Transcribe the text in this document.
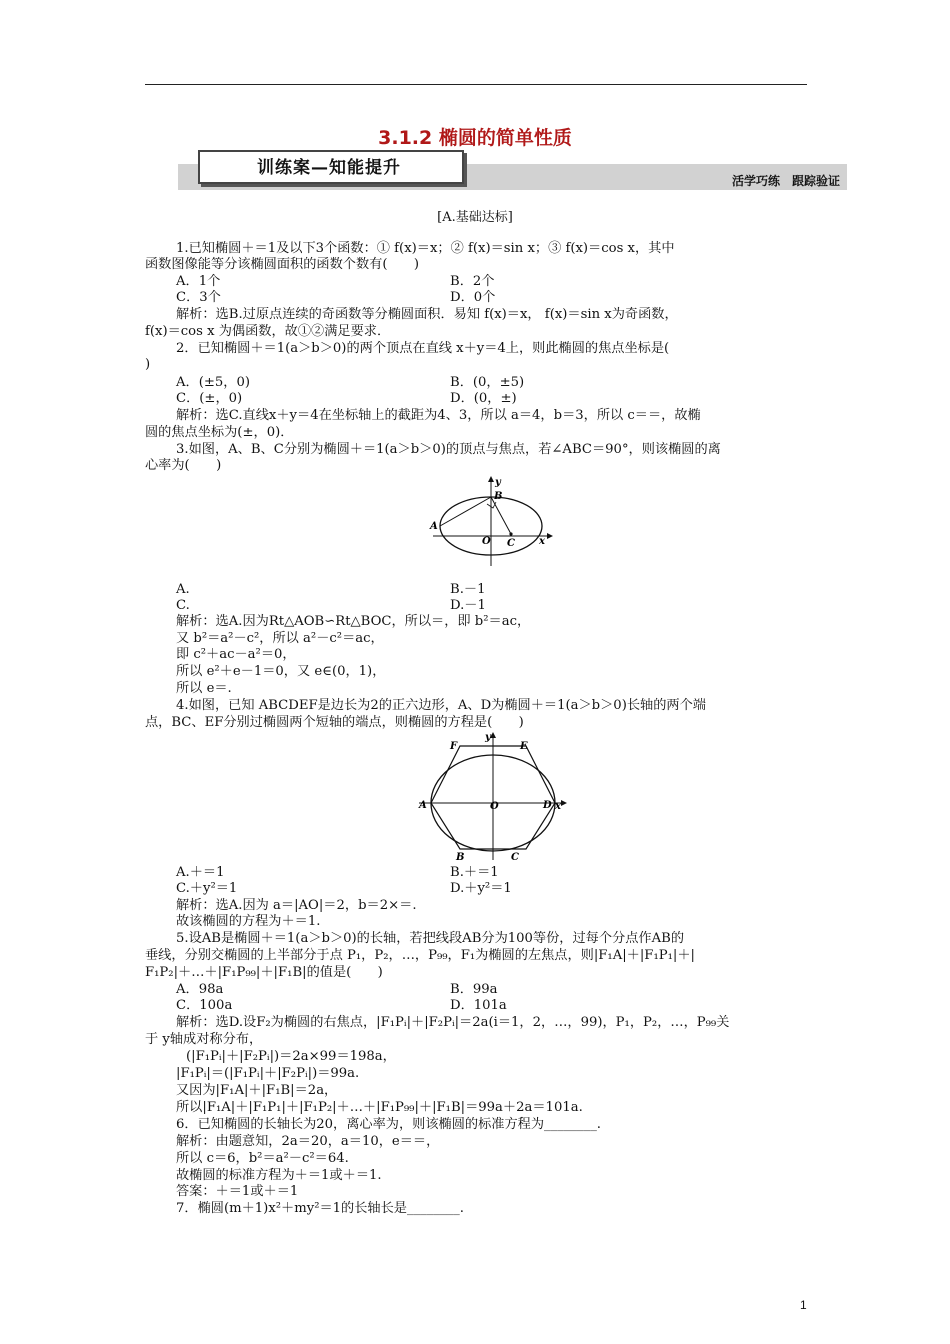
3.1.2 椭圆的简单性质
训练案—知能提升
活学巧练　跟踪验证
[A.基础达标]
1.已知椭圆＋＝1及以下3个函数：① f(x)＝x；② f(x)＝sin x；③ f(x)＝cos x，其中
函数图像能等分该椭圆面积的函数个数有(　　)
A．1个	B．2个
C．3个	D．0个
解析：选B.过原点连续的奇函数等分椭圆面积．易知 f(x)＝x， f(x)＝sin x为奇函数，
f(x)＝cos x 为偶函数，故①②满足要求．
2．已知椭圆＋＝1(a＞b＞0)的两个顶点在直线 x＋y＝4上，则此椭圆的焦点坐标是(
)
A．(±5，0)	B．(0，±5)
C．(±，0)	D．(0，±)
解析：选C.直线x＋y＝4在坐标轴上的截距为4、3，所以 a＝4，b＝3，所以 c＝＝，故椭
圆的焦点坐标为(±，0)．
3.如图，A、B、C分别为椭圆＋＝1(a＞b＞0)的顶点与焦点，若∠ABC＝90°，则该椭圆的离
心率为(　　)
y
B
A
O C x
A.	B.－1
C.	D.－1
解析：选A.因为Rt△AOB∽Rt△BOC，所以＝，即 b²＝ac，
又 b²＝a²－c²，所以 a²－c²＝ac，
即 c²＋ac－a²＝0，
所以 e²＋e－1＝0，又 e∈(0，1)，
所以 e＝.
4.如图，已知 ABCDEF是边长为2的正六边形，A、D为椭圆＋＝1(a＞b＞0)长轴的两个端
点，BC、EF分别过椭圆两个短轴的端点，则椭圆的方程是(　　)
y
F	E
A	O	D x
B	C
A.＋＝1	B.＋＝1
C.＋y²＝1	D.＋y²＝1
解析：选A.因为 a＝|AO|＝2，b＝2×＝.
故该椭圆的方程为＋＝1.
5.设AB是椭圆＋＝1(a＞b＞0)的长轴，若把线段AB分为100等份，过每个分点作AB的
垂线，分别交椭圆的上半部分于点 P₁，P₂，…，P₉₉，F₁为椭圆的左焦点，则|F₁A|＋|F₁P₁|＋|
F₁P₂|＋…＋|F₁P₉₉|＋|F₁B|的值是(　　)
A．98a	B．99a
C．100a	D．101a
解析：选D.设F₂为椭圆的右焦点，|F₁Pᵢ|＋|F₂Pᵢ|＝2a(i＝1，2，…，99)，P₁，P₂，…，P₉₉关
于 y轴成对称分布，
(|F₁Pᵢ|＋|F₂Pᵢ|)＝2a×99＝198a，
|F₁Pᵢ|＝(|F₁Pᵢ|＋|F₂Pᵢ|)＝99a.
又因为|F₁A|＋|F₁B|＝2a，
所以|F₁A|＋|F₁P₁|＋|F₁P₂|＋…＋|F₁P₉₉|＋|F₁B|＝99a＋2a＝101a.
6．已知椭圆的长轴长为20，离心率为，则该椭圆的标准方程为________.
解析：由题意知，2a＝20，a＝10，e＝＝，
所以 c＝6，b²＝a²－c²＝64.
故椭圆的标准方程为＋＝1或＋＝1.
答案：＋＝1或＋＝1
7．椭圆(m＋1)x²＋my²＝1的长轴长是________.
1
